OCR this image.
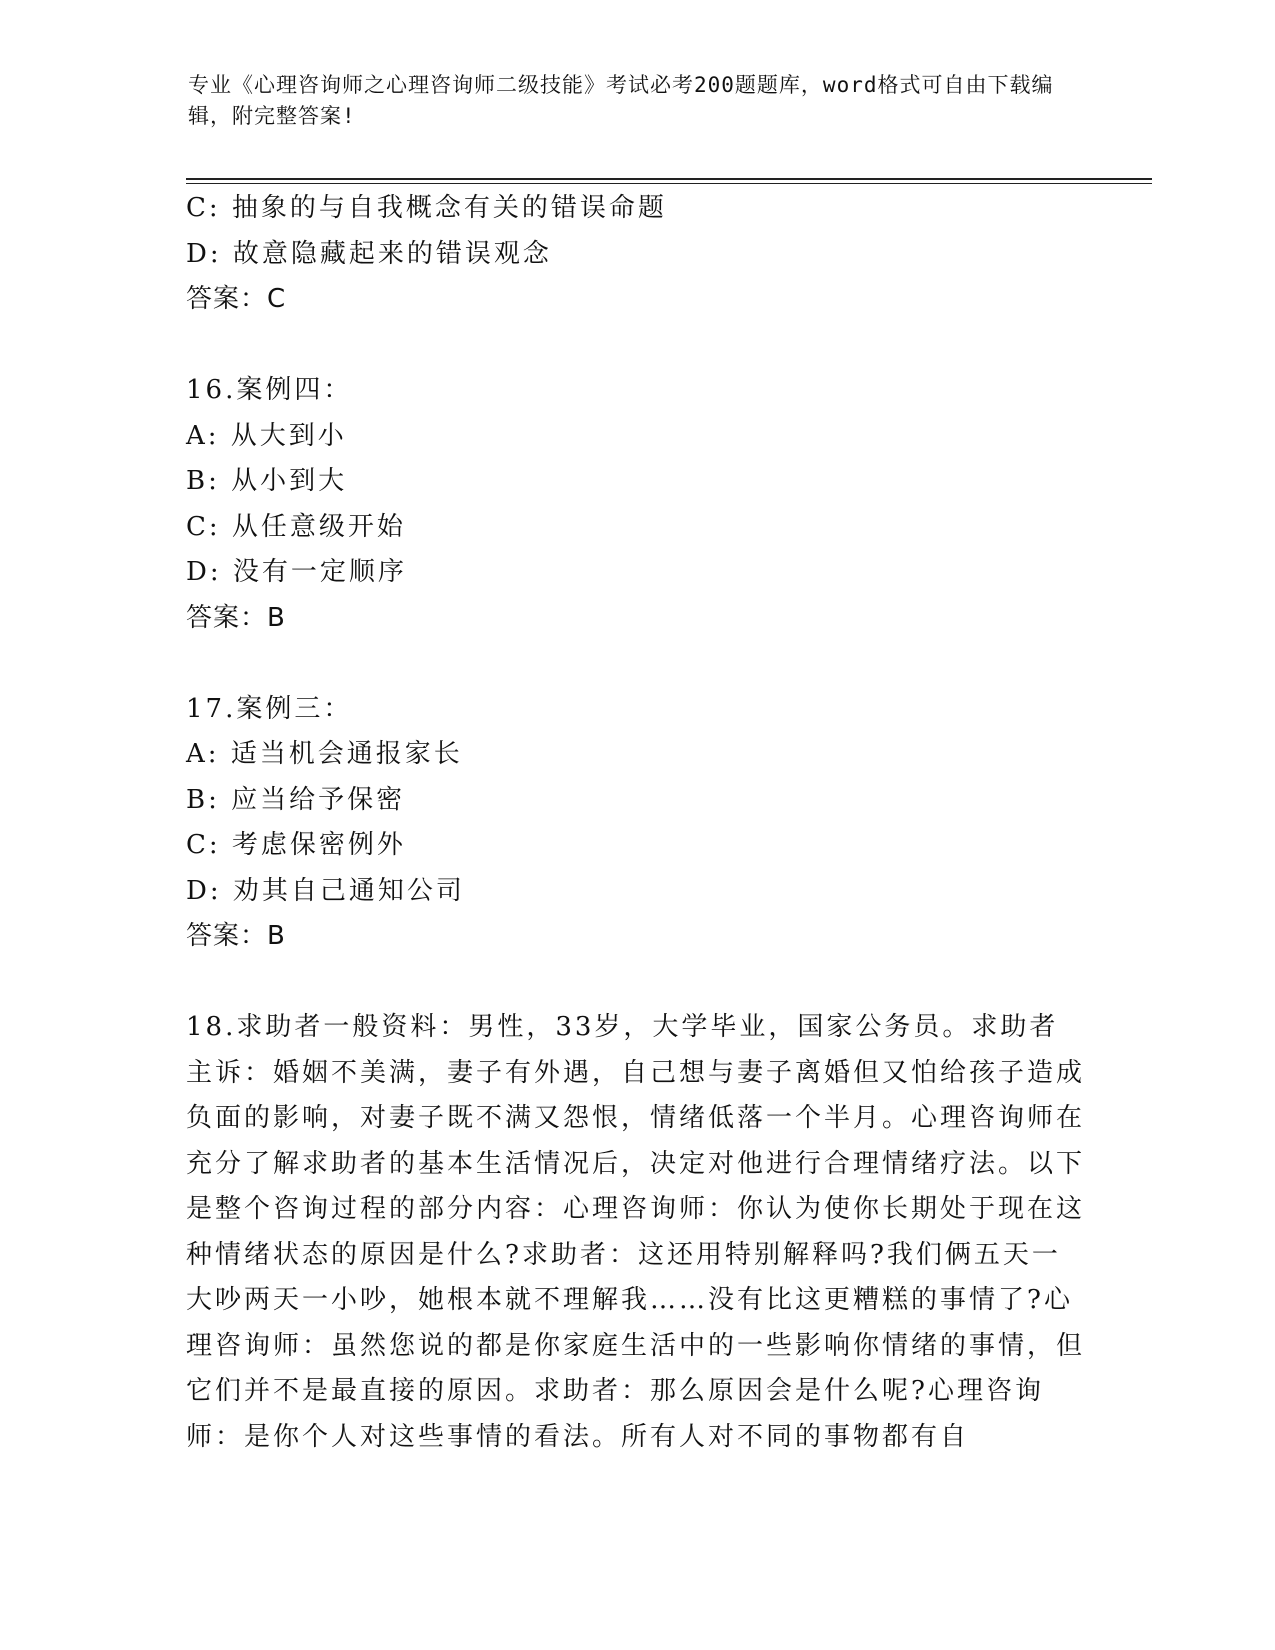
专业《心理咨询师之心理咨询师二级技能》考试必考200题题库，word格式可自由下载编辑，附完整答案!
C: 抽象的与自我概念有关的错误命题
D: 故意隐藏起来的错误观念
答案：C
16.案例四：
A: 从大到小
B: 从小到大
C: 从任意级开始
D: 没有一定顺序
答案：B
17.案例三：
A: 适当机会通报家长
B: 应当给予保密
C: 考虑保密例外
D: 劝其自己通知公司
答案：B
18.求助者一般资料：男性，33岁，大学毕业，国家公务员。求助者主诉：婚姻不美满，妻子有外遇，自己想与妻子离婚但又怕给孩子造成负面的影响，对妻子既不满又怨恨，情绪低落一个半月。心理咨询师在充分了解求助者的基本生活情况后，决定对他进行合理情绪疗法。以下是整个咨询过程的部分内容：心理咨询师：你认为使你长期处于现在这种情绪状态的原因是什么?求助者：这还用特别解释吗?我们俩五天一大吵两天一小吵，她根本就不理解我……没有比这更糟糕的事情了?心理咨询师：虽然您说的都是你家庭生活中的一些影响你情绪的事情，但它们并不是最直接的原因。求助者：那么原因会是什么呢?心理咨询师：是你个人对这些事情的看法。所有人对不同的事物都有自
